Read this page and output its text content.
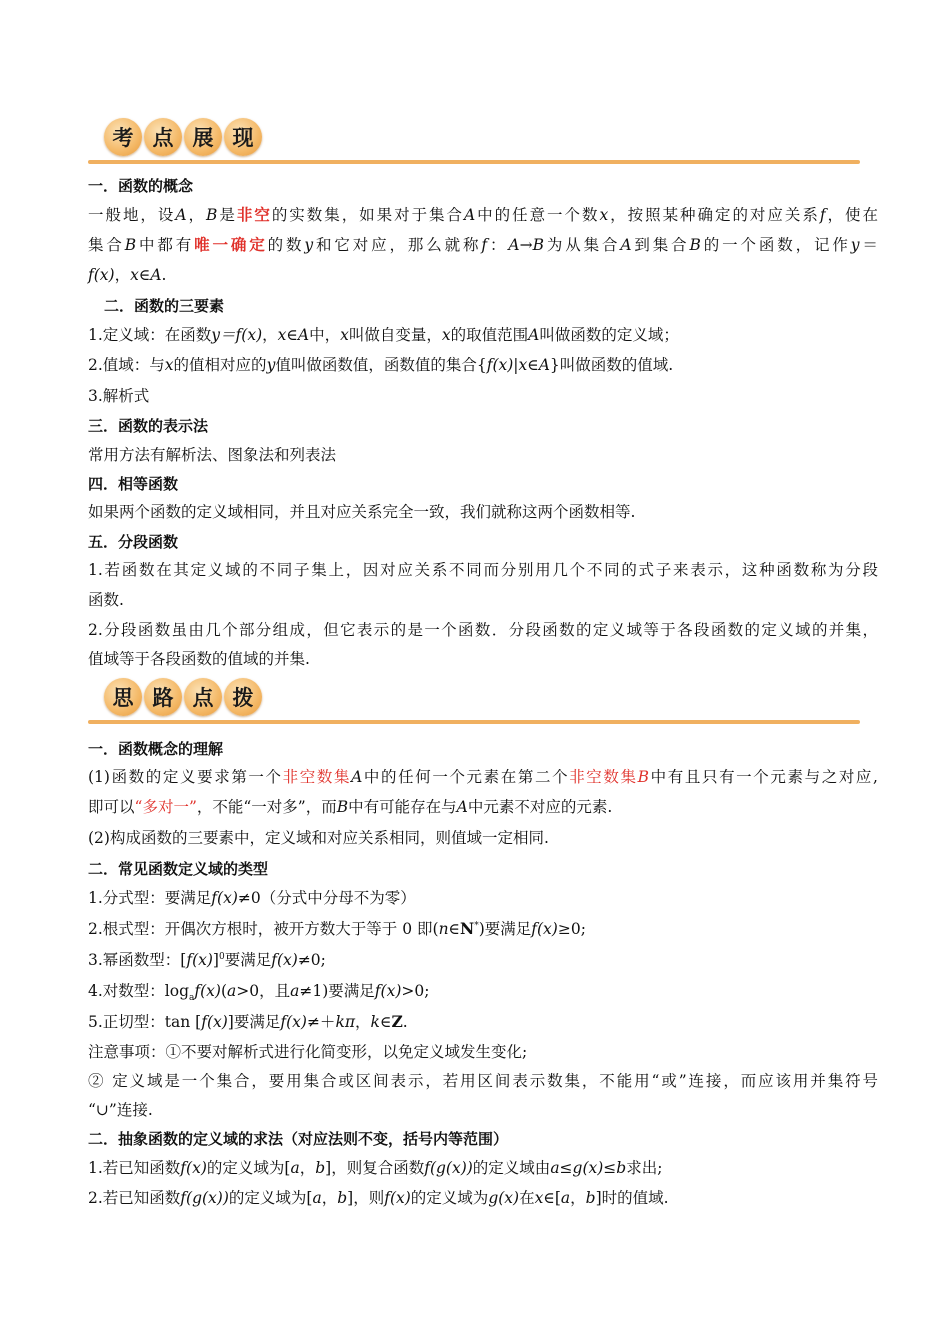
考 点 展 现
一．函数的概念
一般地，设A，B是非空的实数集，如果对于集合A中的任意一个数x，按照某种确定的对应关系f，使在
集合B中都有唯一确定的数y和它对应，那么就称f：A→B为从集合A到集合B的一个函数，记作y＝
f(x)，x∈A.
二．函数的三要素
1.定义域：在函数y＝f(x)，x∈A中，x叫做自变量，x的取值范围A叫做函数的定义域；
2.值域：与x的值相对应的y值叫做函数值，函数值的集合{f(x)|x∈A}叫做函数的值域.
3.解析式
三．函数的表示法
常用方法有解析法、图象法和列表法
四．相等函数
如果两个函数的定义域相同，并且对应关系完全一致，我们就称这两个函数相等.
五．分段函数
1.若函数在其定义域的不同子集上，因对应关系不同而分别用几个不同的式子来表示，这种函数称为分段
函数.
2.分段函数虽由几个部分组成，但它表示的是一个函数．分段函数的定义域等于各段函数的定义域的并集，
值域等于各段函数的值域的并集.
思 路 点 拨
一．函数概念的理解
(1)函数的定义要求第一个非空数集A中的任何一个元素在第二个非空数集B中有且只有一个元素与之对应,
即可以“多对一”，不能“一对多”，而B中有可能存在与A中元素不对应的元素.
(2)构成函数的三要素中，定义域和对应关系相同，则值域一定相同.
二．常见函数定义域的类型
1.分式型：要满足f(x)≠0（分式中分母不为零）
2.根式型：开偶次方根时，被开方数大于等于 0 即(n∈N*)要满足f(x)≥0;
3.幂函数型：$[f(x)]^0$要满足f(x)≠0;
4.对数型：$\log_af(x)(a>0$，且a≠1)要满足f(x)>0;
5.正切型：tan [f(x)]要满足f(x)≠＋kπ，k∈Z.
注意事项：①不要对解析式进行化简变形，以免定义域发生变化;
② 定义域是一个集合，要用集合或区间表示，若用区间表示数集，不能用“或”连接，而应该用并集符号
“∪”连接.
二．抽象函数的定义域的求法（对应法则不变，括号内等范围）
1.若已知函数f(x)的定义域为[a，b]，则复合函数f(g(x))的定义域由a≤g(x)≤b求出;
2.若已知函数f(g(x))的定义域为[a，b]，则f(x)的定义域为g(x)在x∈[a，b]时的值域.
